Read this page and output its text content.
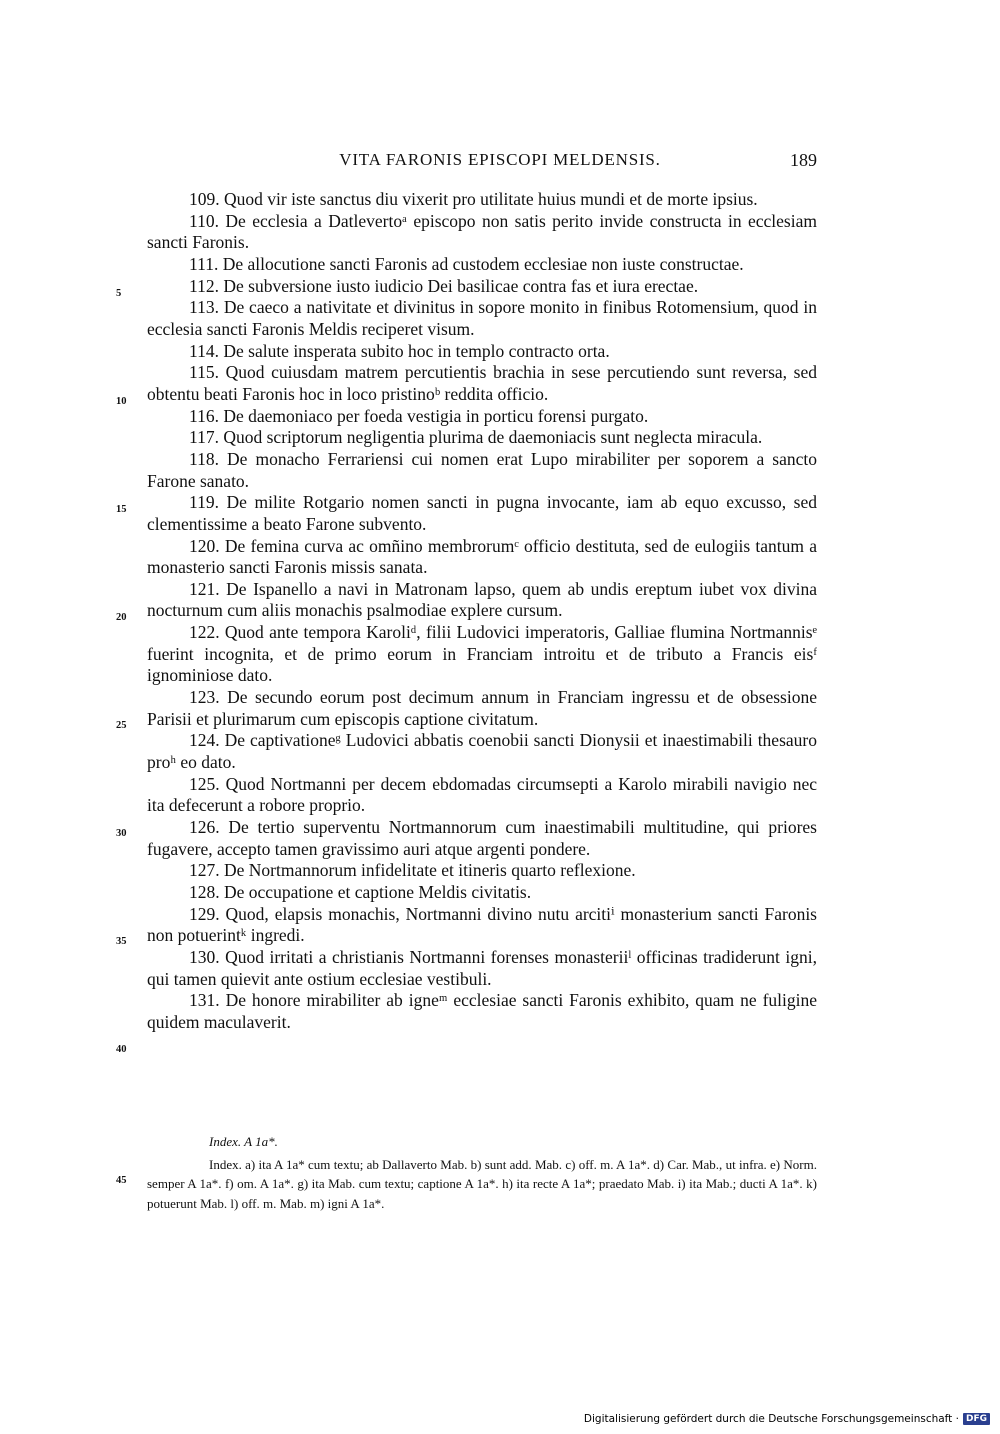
VITA FARONIS EPISCOPI MELDENSIS.	189

109. Quod vir iste sanctus diu vixerit pro utilitate huius mundi et de morte ipsius.

110. De ecclesia a Datlevertoᵃ episcopo non satis perito invide constructa in ecclesiam sancti Faronis.

111. De allocutione sancti Faronis ad custodem ecclesiae non iuste constructae.

112. De subversione iusto iudicio Dei basilicae contra fas et iura erectae.

113. De caeco a nativitate et divinitus in sopore monito in finibus Rotomensium, quod in ecclesia sancti Faronis Meldis reciperet visum.

114. De salute insperata subito hoc in templo contracto orta.

115. Quod cuiusdam matrem percutientis brachia in sese percutiendo sunt reversa, sed obtentu beati Faronis hoc in loco pristinoᵇ reddita officio.

116. De daemoniaco per foeda vestigia in porticu forensi purgato.

117. Quod scriptorum negligentia plurima de daemoniacis sunt neglecta miracula.

118. De monacho Ferrariensi cui nomen erat Lupo mirabiliter per soporem a sancto Farone sanato.

119. De milite Rotgario nomen sancti in pugna invocante, iam ab equo excusso, sed clementissime a beato Farone subvento.

120. De femina curva ac omñino membrorumᶜ officio destituta, sed de eulogiis tantum a monasterio sancti Faronis missis sanata.

121. De Ispanello a navi in Matronam lapso, quem ab undis ereptum iubet vox divina nocturnum cum aliis monachis psalmodiae explere cursum.

122. Quod ante tempora Karoliᵈ, filii Ludovici imperatoris, Galliae flumina Nortmannisᵉ fuerint incognita, et de primo eorum in Franciam introitu et de tributo a Francis eisᶠ ignominiose dato.

123. De secundo eorum post decimum annum in Franciam ingressu et de obsessione Parisii et plurimarum cum episcopis captione civitatum.

124. De captivationeᵍ Ludovici abbatis coenobii sancti Dionysii et inaestimabili thesauro proʰ eo dato.

125. Quod Nortmanni per decem ebdomadas circumsepti a Karolo mirabili navigio nec ita defecerunt a robore proprio.

126. De tertio superventu Nortmannorum cum inaestimabili multitudine, qui priores fugavere, accepto tamen gravissimo auri atque argenti pondere.

127. De Nortmannorum infidelitate et itineris quarto reflexione.

128. De occupatione et captione Meldis civitatis.

129. Quod, elapsis monachis, Nortmanni divino nutu arcitiⁱ monasterium sancti Faronis non potuerintᵏ ingredi.

130. Quod irritati a christianis Nortmanni forenses monasteriiˡ officinas tradiderunt igni, qui tamen quievit ante ostium ecclesiae vestibuli.

131. De honore mirabiliter ab igneᵐ ecclesiae sancti Faronis exhibito, quam ne fuligine quidem maculaverit.

5
10
15
20
25
30
35
40

Index. A 1a*.

Index. a) ita A 1a* cum textu; ab Dallaverto Mab. b) sunt add. Mab. c) off. m. A 1a*. d) Car. Mab., ut infra. e) Norm. semper A 1a*. f) om. A 1a*. g) ita Mab. cum textu; captione A 1a*. h) ita recte A 1a*; praedato Mab. i) ita Mab.; ducti A 1a*. k) potuerunt Mab. l) off. m. Mab. m) igni A 1a*.

45
Digitalisierung gefördert durch die Deutsche Forschungsgemeinschaft · DFG
